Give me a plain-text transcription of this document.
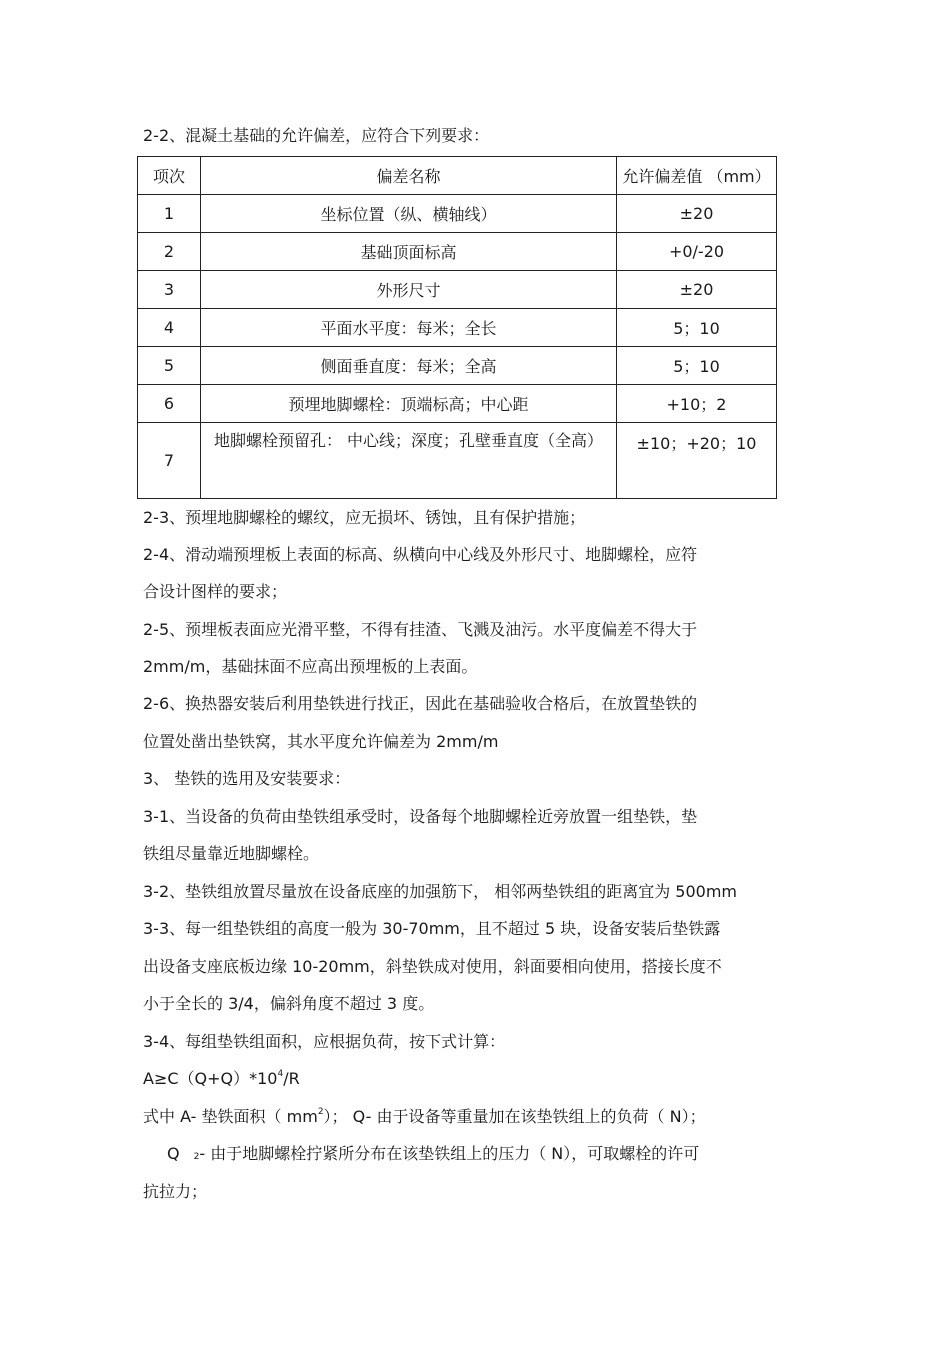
2-2、混凝土基础的允许偏差，应符合下列要求：
项次	偏差名称	允许偏差值 （mm）
1	坐标位置（纵、横轴线）	±20
2	基础顶面标高	+0/-20
3	外形尺寸	±20
4	平面水平度：每米；全长	5；10
5	侧面垂直度：每米；全高	5；10
6	预埋地脚螺栓：顶端标高；中心距	+10；2
7	地脚螺栓预留孔： 中心线；深度；孔壁垂直度（全高）	±10；+20；10
2-3、预埋地脚螺栓的螺纹，应无损坏、锈蚀，且有保护措施；
2-4、滑动端预埋板上表面的标高、纵横向中心线及外形尺寸、地脚螺栓，应符
合设计图样的要求；
2-5、预埋板表面应光滑平整，不得有挂渣、飞溅及油污。水平度偏差不得大于
2mm/m，基础抹面不应高出预埋板的上表面。
2-6、换热器安装后利用垫铁进行找正，因此在基础验收合格后，在放置垫铁的
位置处凿出垫铁窝，其水平度允许偏差为 2mm/m
3、 垫铁的选用及安装要求：
3-1、当设备的负荷由垫铁组承受时，设备每个地脚螺栓近旁放置一组垫铁，垫
铁组尽量靠近地脚螺栓。
3-2、垫铁组放置尽量放在设备底座的加强筋下， 相邻两垫铁组的距离宜为 500mm
3-3、每一组垫铁组的高度一般为 30-70mm，且不超过 5 块，设备安装后垫铁露
出设备支座底板边缘 10-20mm，斜垫铁成对使用，斜面要相向使用，搭接长度不
小于全长的 3/4，偏斜角度不超过 3 度。
3-4、每组垫铁组面积，应根据负荷，按下式计算：
$A\ge C(Q+Q)*10^4/R$
式中 A- 垫铁面积（ $mm^2$）； Q- 由于设备等重量加在该垫铁组上的负荷（ N）；
Q 2- 由于地脚螺栓拧紧所分布在该垫铁组上的压力（ N），可取螺栓的许可
抗拉力；
